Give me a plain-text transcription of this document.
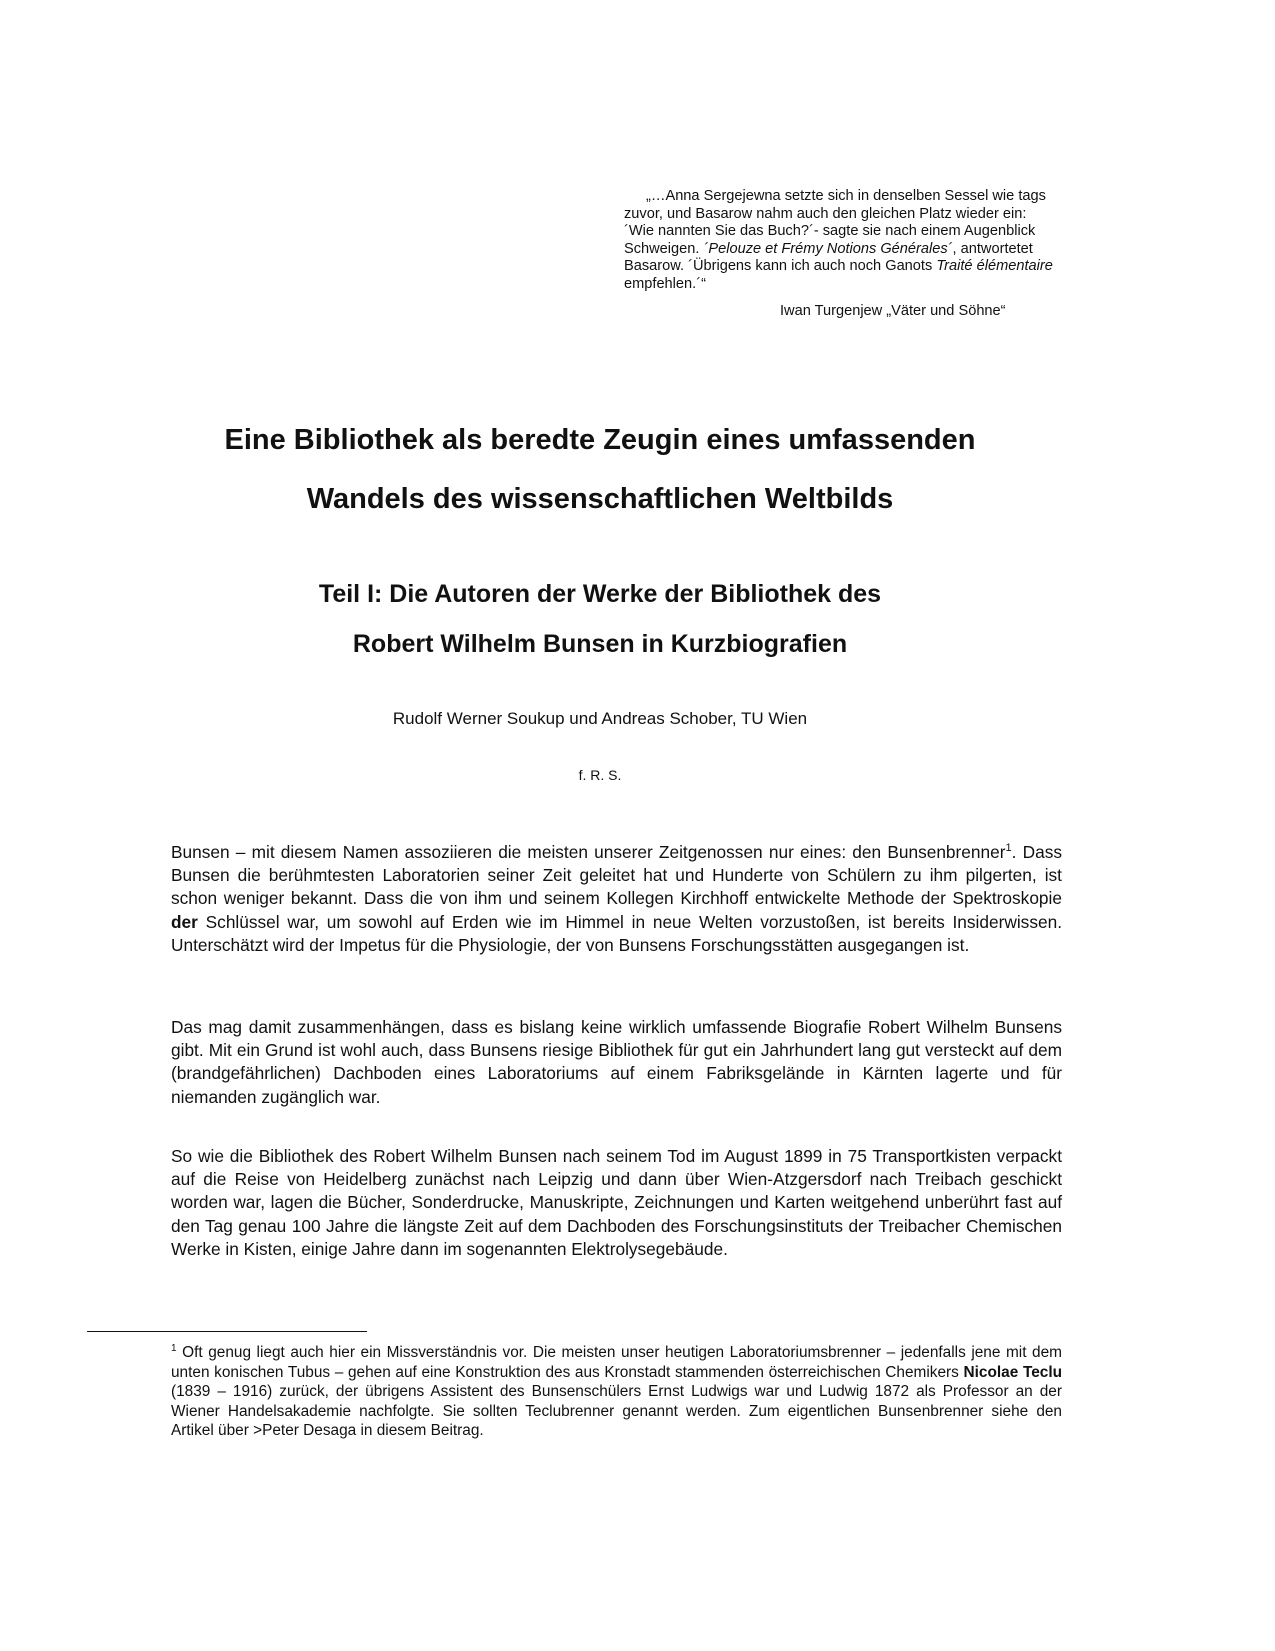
„…Anna Sergejewna setzte sich in denselben Sessel wie tags zuvor, und Basarow nahm auch den gleichen Platz wieder ein: ´Wie nannten Sie das Buch?´- sagte sie nach einem Augenblick Schweigen. ´Pelouze et Frémy Notions Générales´, antwortetet Basarow. ´Übrigens kann ich auch noch Ganots Traité élémentaire empfehlen.´“
Iwan Turgenjew „Väter und Söhne“
Eine Bibliothek als beredte Zeugin eines umfassenden
Wandels des wissenschaftlichen Weltbilds
Teil I: Die Autoren der Werke der Bibliothek des
Robert Wilhelm Bunsen in Kurzbiografien
Rudolf Werner Soukup und Andreas Schober, TU Wien
f. R. S.

Bunsen – mit diesem Namen assoziieren die meisten unserer Zeitgenossen nur eines: den Bunsenbrenner$^1$. Dass Bunsen die berühmtesten Laboratorien seiner Zeit geleitet hat und Hunderte von Schülern zu ihm pilgerten, ist schon weniger bekannt. Dass die von ihm und seinem Kollegen Kirchhoff entwickelte Methode der Spektroskopie der Schlüssel war, um sowohl auf Erden wie im Himmel in neue Welten vorzustoßen, ist bereits Insiderwissen. Unterschätzt wird der Impetus für die Physiologie, der von Bunsens Forschungsstätten ausgegangen ist.

Das mag damit zusammenhängen, dass es bislang keine wirklich umfassende Biografie Robert Wilhelm Bunsens gibt. Mit ein Grund ist wohl auch, dass Bunsens riesige Bibliothek für gut ein Jahrhundert lang gut versteckt auf dem (brandgefährlichen) Dachboden eines Laboratoriums auf einem Fabriksgelände in Kärnten lagerte und für niemanden zugänglich war.

So wie die Bibliothek des Robert Wilhelm Bunsen nach seinem Tod im August 1899 in 75 Transportkisten verpackt auf die Reise von Heidelberg zunächst nach Leipzig und dann über Wien-Atzgersdorf nach Treibach geschickt worden war, lagen die Bücher, Sonderdrucke, Manuskripte, Zeichnungen und Karten weitgehend unberührt fast auf den Tag genau 100 Jahre die längste Zeit auf dem Dachboden des Forschungsinstituts der Treibacher Chemischen Werke in Kisten, einige Jahre dann im sogenannten Elektrolysegebäude.

$^1$ Oft genug liegt auch hier ein Missverständnis vor. Die meisten unser heutigen Laboratoriumsbrenner – jedenfalls jene mit dem unten konischen Tubus – gehen auf eine Konstruktion des aus Kronstadt stammenden österreichischen Chemikers Nicolae Teclu (1839 – 1916) zurück, der übrigens Assistent des Bunsenschülers Ernst Ludwigs war und Ludwig 1872 als Professor an der Wiener Handelsakademie nachfolgte. Sie sollten Teclubrenner genannt werden. Zum eigentlichen Bunsenbrenner siehe den Artikel über >Peter Desaga in diesem Beitrag.
